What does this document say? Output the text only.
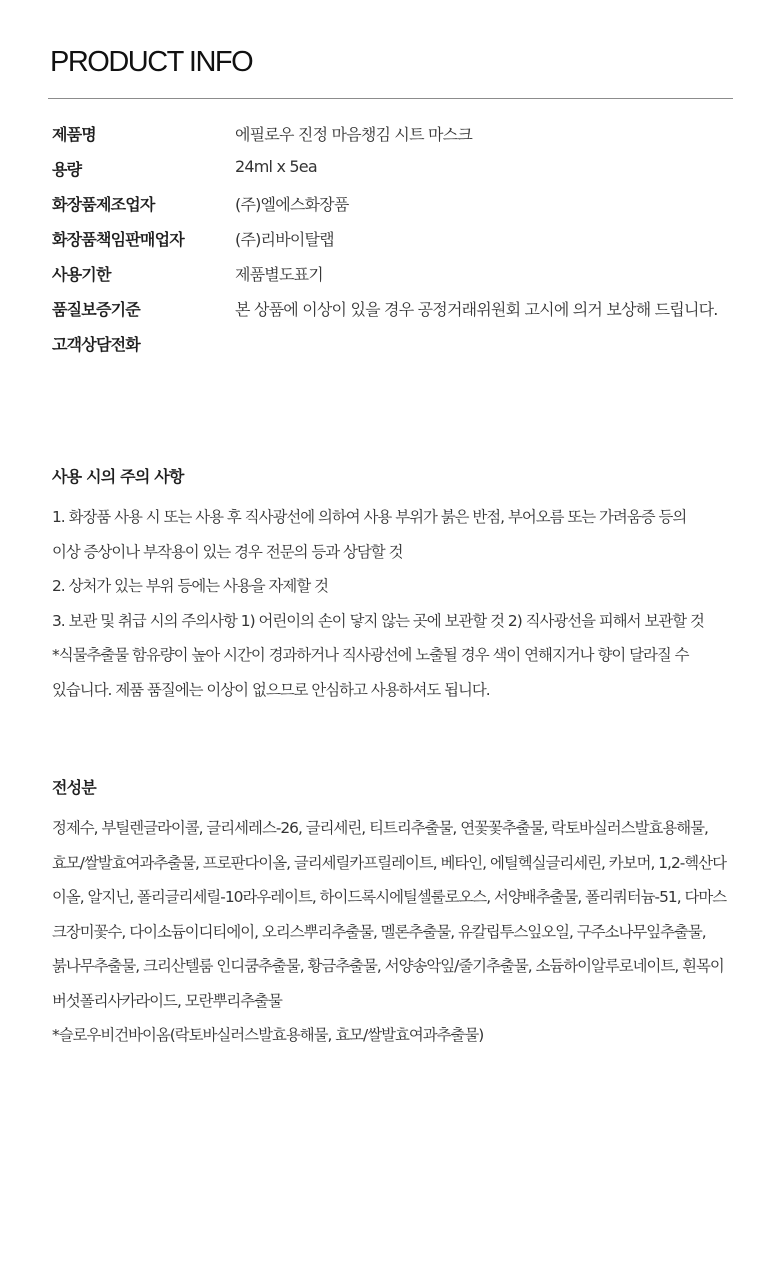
PRODUCT INFO
제품명	에필로우 진정 마음챙김 시트 마스크
용량	24ml x 5ea
화장품제조업자	(주)엘에스화장품
화장품책임판매업자	(주)리바이탈랩
사용기한	제품별도표기
품질보증기준	본 상품에 이상이 있을 경우 공정거래위원회 고시에 의거 보상해 드립니다.
고객상담전화
사용 시의 주의 사항
1. 화장품 사용 시 또는 사용 후 직사광선에 의하여 사용 부위가 붉은 반점, 부어오름 또는 가려움증 등의
이상 증상이나 부작용이 있는 경우 전문의 등과 상담할 것
2. 상처가 있는 부위 등에는 사용을 자제할 것
3. 보관 및 취급 시의 주의사항 1) 어린이의 손이 닿지 않는 곳에 보관할 것 2) 직사광선을 피해서 보관할 것
*식물추출물 함유량이 높아 시간이 경과하거나 직사광선에 노출될 경우 색이 연해지거나 향이 달라질 수
있습니다. 제품 품질에는 이상이 없으므로 안심하고 사용하셔도 됩니다.
전성분
정제수, 부틸렌글라이콜, 글리세레스-26, 글리세린, 티트리추출물, 연꽃꽃추출물, 락토바실러스발효용해물,
효모/쌀발효여과추출물, 프로판다이올, 글리세릴카프릴레이트, 베타인, 에틸헥실글리세린, 카보머, 1,2-헥산다
이올, 알지닌, 폴리글리세릴-10라우레이트, 하이드록시에틸셀룰로오스, 서양배추출물, 폴리쿼터늄-51, 다마스
크장미꽃수, 다이소듐이디티에이, 오리스뿌리추출물, 멜론추출물, 유칼립투스잎오일, 구주소나무잎추출물,
붉나무추출물, 크리산텔룸 인디쿰추출물, 황금추출물, 서양송악잎/줄기추출물, 소듐하이알루로네이트, 흰목이
버섯폴리사카라이드, 모란뿌리추출물
*슬로우비건바이옴(락토바실러스발효용해물, 효모/쌀발효여과추출물)
